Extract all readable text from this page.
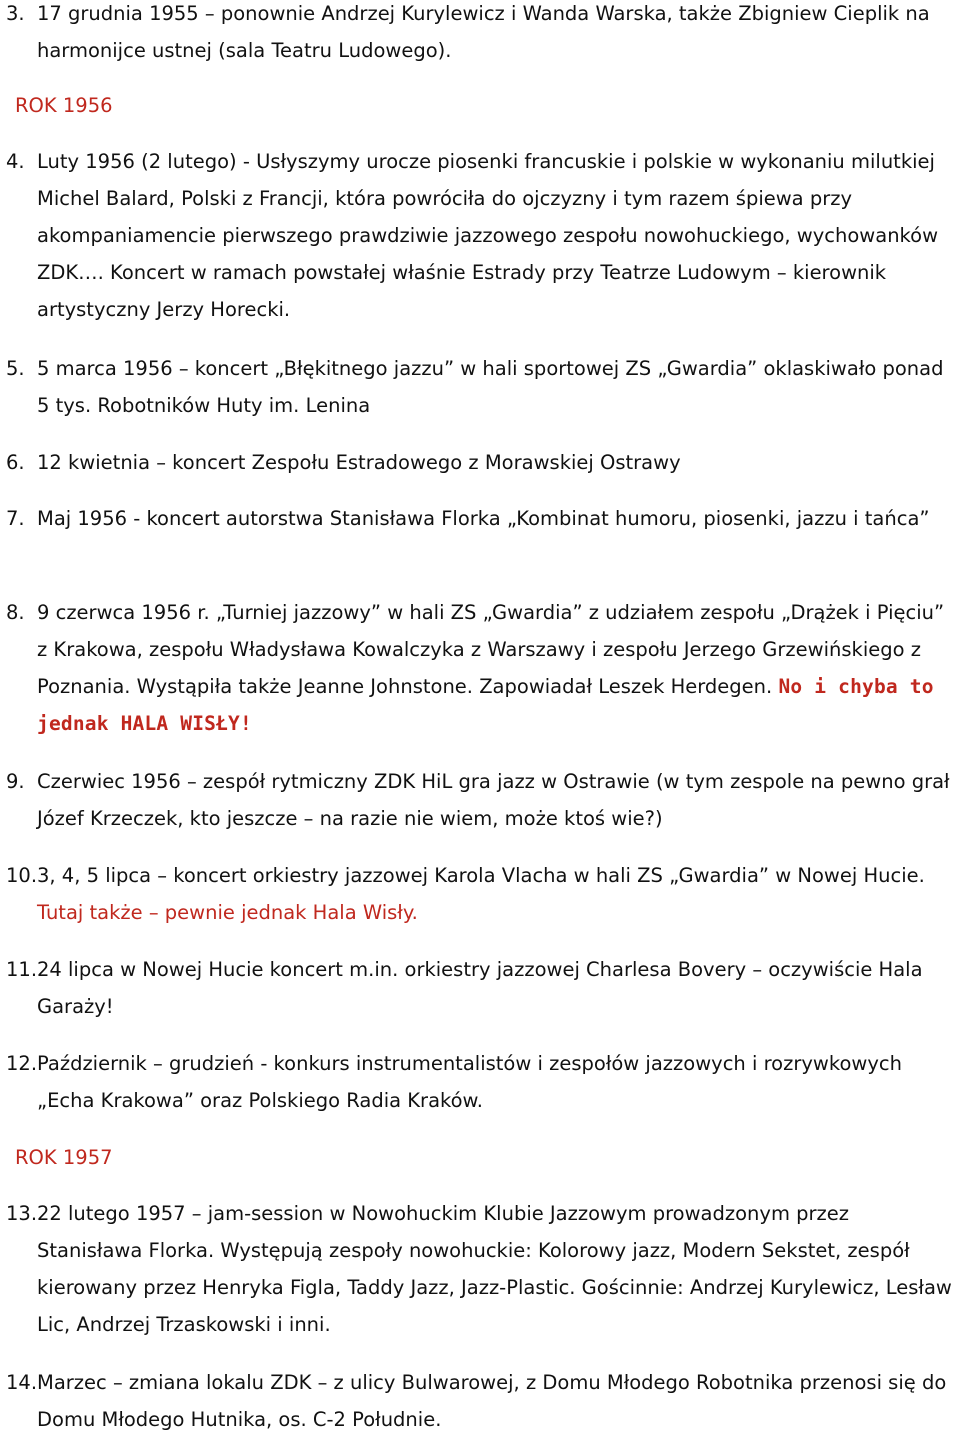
3. 17 grudnia 1955 – ponownie Andrzej Kurylewicz i Wanda Warska, także Zbigniew Cieplik na harmonijce ustnej (sala Teatru Ludowego).
ROK 1956
4. Luty 1956 (2 lutego) - Usłyszymy urocze piosenki francuskie i polskie w wykonaniu milutkiej Michel Balard, Polski z Francji, która powróciła do ojczyzny i tym razem śpiewa przy akompaniamencie pierwszego prawdziwie jazzowego zespołu nowohuckiego, wychowanków ZDK…. Koncert w ramach powstałej właśnie Estrady przy Teatrze Ludowym – kierownik artystyczny Jerzy Horecki.
5. 5 marca 1956 – koncert „Błękitnego jazzu” w hali sportowej ZS „Gwardia” oklaskiwało ponad 5 tys. Robotników Huty im. Lenina
6. 12 kwietnia – koncert Zespołu Estradowego z Morawskiej Ostrawy
7. Maj 1956 - koncert autorstwa Stanisława Florka „Kombinat humoru, piosenki, jazzu i tańca”
8. 9 czerwca 1956 r. „Turniej jazzowy” w hali ZS „Gwardia” z udziałem zespołu „Drążek i Pięciu” z Krakowa, zespołu Władysława Kowalczyka z Warszawy i zespołu Jerzego Grzewińskiego z Poznania. Wystąpiła także Jeanne Johnstone. Zapowiadał Leszek Herdegen. No i chyba to jednak HALA WISŁY!
9. Czerwiec 1956 – zespół rytmiczny ZDK HiL gra jazz w Ostrawie (w tym zespole na pewno grał Józef Krzeczek, kto jeszcze – na razie nie wiem, może ktoś wie?)
10. 3, 4, 5 lipca – koncert orkiestry jazzowej Karola Vlacha w hali ZS „Gwardia” w Nowej Hucie. Tutaj także – pewnie jednak Hala Wisły.
11. 24 lipca w Nowej Hucie koncert m.in. orkiestry jazzowej Charlesa Bovery – oczywiście Hala Garaży!
12. Październik – grudzień - konkurs instrumentalistów i zespołów jazzowych i rozrywkowych „Echa Krakowa” oraz Polskiego Radia Kraków.
ROK 1957
13. 22 lutego 1957 – jam-session w Nowohuckim Klubie Jazzowym prowadzonym przez Stanisława Florka. Występują zespoły nowohuckie: Kolorowy jazz, Modern Sekstet, zespół kierowany przez Henryka Figla, Taddy Jazz, Jazz-Plastic. Gościnnie: Andrzej Kurylewicz, Lesław Lic, Andrzej Trzaskowski i inni.
14. Marzec – zmiana lokalu ZDK – z ulicy Bulwarowej, z Domu Młodego Robotnika przenosi się do Domu Młodego Hutnika, os. C-2 Południe.
